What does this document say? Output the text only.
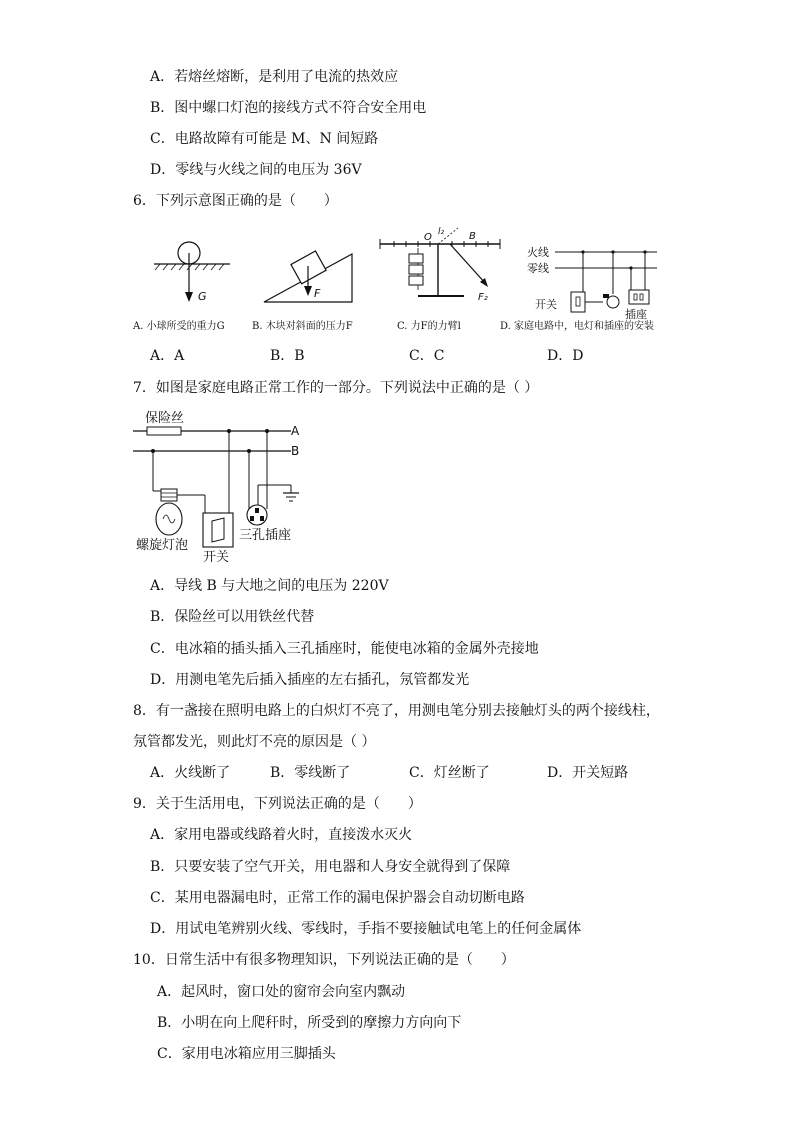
A．若熔丝熔断，是利用了电流的热效应
B．图中螺口灯泡的接线方式不符合安全用电
C．电路故障有可能是 M、N 间短路
D．零线与火线之间的电压为 36V
6．下列示意图正确的是（　　）
G	F
O l₂ B
F₂
火线
零线
开关
插座
A. 小球所受的重力G	B. 木块对斜面的压力F	C. 力F的力臂l	D. 家庭电路中，电灯和插座的安装
A．A	B．B	C．C	D．D
7．如图是家庭电路正常工作的一部分。下列说法中正确的是（ ）
保险丝
A
B
螺旋灯泡
开关
三孔插座
A．导线 B 与大地之间的电压为 220V
B．保险丝可以用铁丝代替
C．电冰箱的插头插入三孔插座时，能使电冰箱的金属外壳接地
D．用测电笔先后插入插座的左右插孔，氖管都发光
8．有一盏接在照明电路上的白炽灯不亮了，用测电笔分别去接触灯头的两个接线柱，
氖管都发光，则此灯不亮的原因是（ ）
A．火线断了	B．零线断了	C．灯丝断了	D．开关短路
9．关于生活用电，下列说法正确的是（　　）
A．家用电器或线路着火时，直接泼水灭火
B．只要安装了空气开关，用电器和人身安全就得到了保障
C．某用电器漏电时，正常工作的漏电保护器会自动切断电路
D．用试电笔辨别火线、零线时，手指不要接触试电笔上的任何金属体
10．日常生活中有很多物理知识，下列说法正确的是（　　）
A．起风时，窗口处的窗帘会向室内飘动
B．小明在向上爬秆时，所受到的摩擦力方向向下
C．家用电冰箱应用三脚插头
